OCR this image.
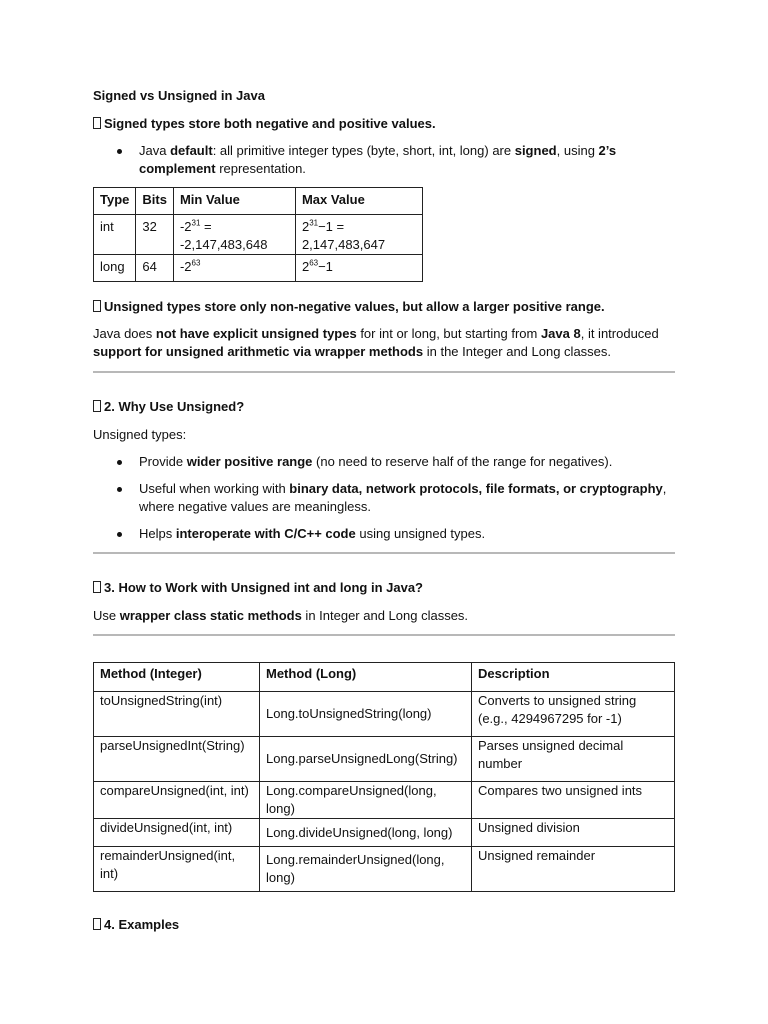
Signed vs Unsigned in Java
Signed types store both negative and positive values.
Java default: all primitive integer types (byte, short, int, long) are signed, using 2’s complement representation.
Type	Bits	Min Value	Max Value
int	32	$-2^{31} = -2,147,483,648$	$2^{31}-1 = 2,147,483,647$
long	64	$-2^{63}$	$2^{63}-1$
Unsigned types store only non-negative values, but allow a larger positive range.
Java does not have explicit unsigned types for int or long, but starting from Java 8, it introduced support for unsigned arithmetic via wrapper methods in the Integer and Long classes.
2. Why Use Unsigned?
Unsigned types:
Provide wider positive range (no need to reserve half of the range for negatives).
Useful when working with binary data, network protocols, file formats, or cryptography, where negative values are meaningless.
Helps interoperate with C/C++ code using unsigned types.
3. How to Work with Unsigned int and long in Java?
Use wrapper class static methods in Integer and Long classes.
Method (Integer)	Method (Long)	Description
toUnsignedString(int)	Long.toUnsignedString(long)	Converts to unsigned string (e.g., 4294967295 for -1)
parseUnsignedInt(String)	Long.parseUnsignedLong(String)	Parses unsigned decimal number
compareUnsigned(int, int)	Long.compareUnsigned(long, long)	Compares two unsigned ints
divideUnsigned(int, int)	Long.divideUnsigned(long, long)	Unsigned division
remainderUnsigned(int, int)	Long.remainderUnsigned(long, long)	Unsigned remainder
4. Examples
